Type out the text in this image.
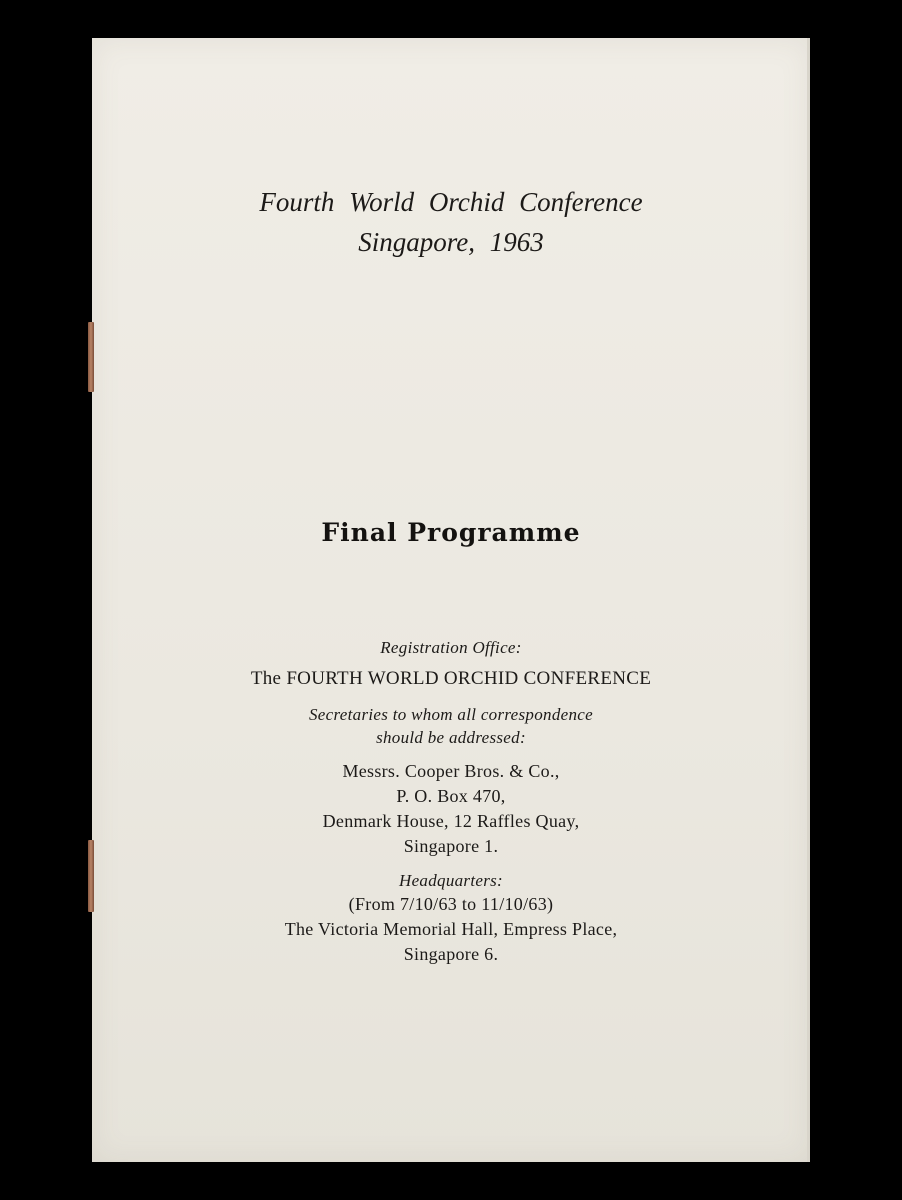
Fourth World Orchid Conference
Singapore, 1963
Final Programme
Registration Office:
The FOURTH WORLD ORCHID CONFERENCE
Secretaries to whom all correspondence
should be addressed:
Messrs. Cooper Bros. & Co.,
P. O. Box 470,
Denmark House, 12 Raffles Quay,
Singapore 1.
Headquarters:
(From 7/10/63 to 11/10/63)
The Victoria Memorial Hall, Empress Place,
Singapore 6.
